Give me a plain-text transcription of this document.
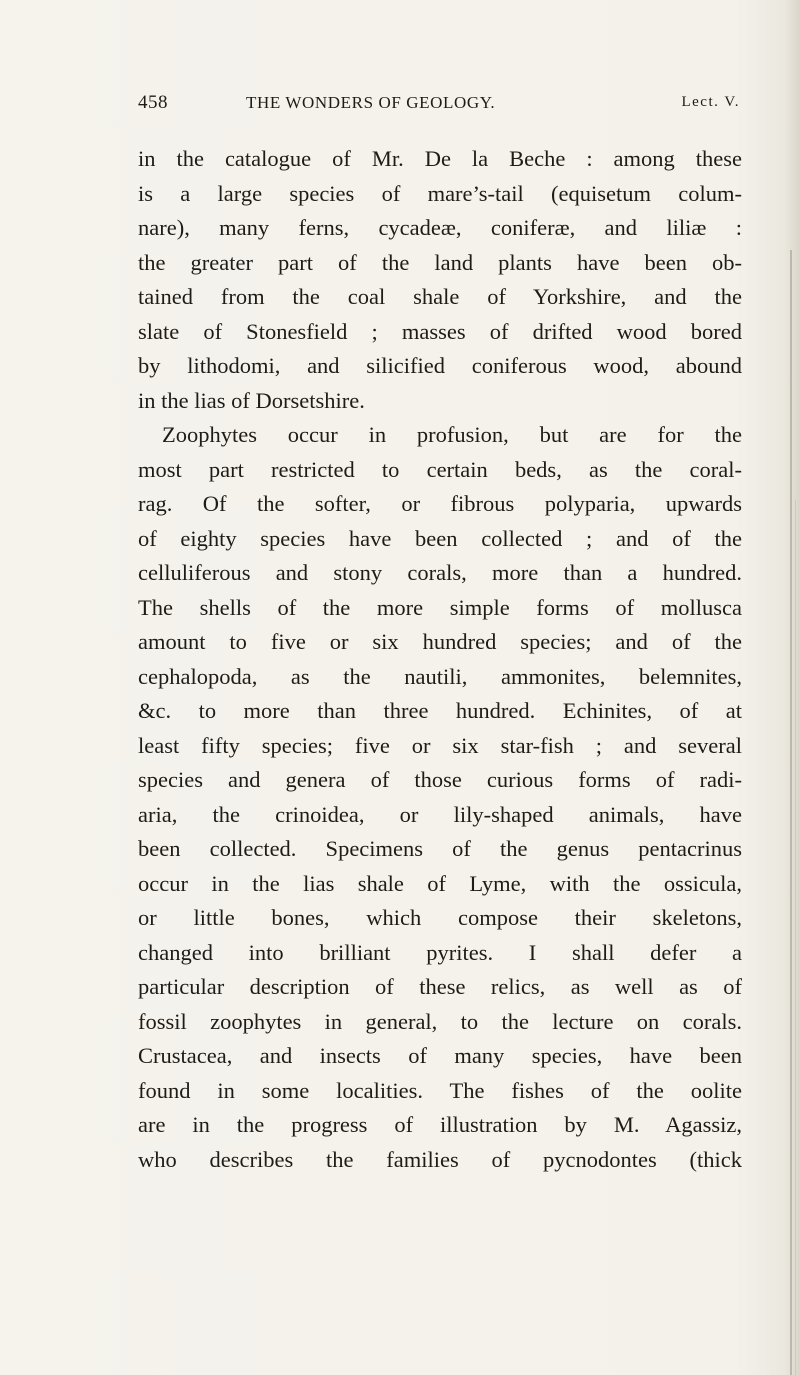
458	THE WONDERS OF GEOLOGY.	Lect. V.
in the catalogue of Mr. De la Beche : among these
is a large species of mare’s-tail (equisetum colum-
nare), many ferns, cycadeæ, coniferæ, and liliæ :
the greater part of the land plants have been ob-
tained from the coal shale of Yorkshire, and the
slate of Stonesfield ; masses of drifted wood bored
by lithodomi, and silicified coniferous wood, abound
in the lias of Dorsetshire.
Zoophytes occur in profusion, but are for the
most part restricted to certain beds, as the coral-
rag. Of the softer, or fibrous polyparia, upwards
of eighty species have been collected ; and of the
celluliferous and stony corals, more than a hundred.
The shells of the more simple forms of mollusca
amount to five or six hundred species; and of the
cephalopoda, as the nautili, ammonites, belemnites,
&c. to more than three hundred. Echinites, of at
least fifty species; five or six star-fish ; and several
species and genera of those curious forms of radi-
aria, the crinoidea, or lily-shaped animals, have
been collected. Specimens of the genus pentacrinus
occur in the lias shale of Lyme, with the ossicula,
or little bones, which compose their skeletons,
changed into brilliant pyrites. I shall defer a
particular description of these relics, as well as of
fossil zoophytes in general, to the lecture on corals.
Crustacea, and insects of many species, have been
found in some localities. The fishes of the oolite
are in the progress of illustration by M. Agassiz,
who describes the families of pycnodontes (thick
